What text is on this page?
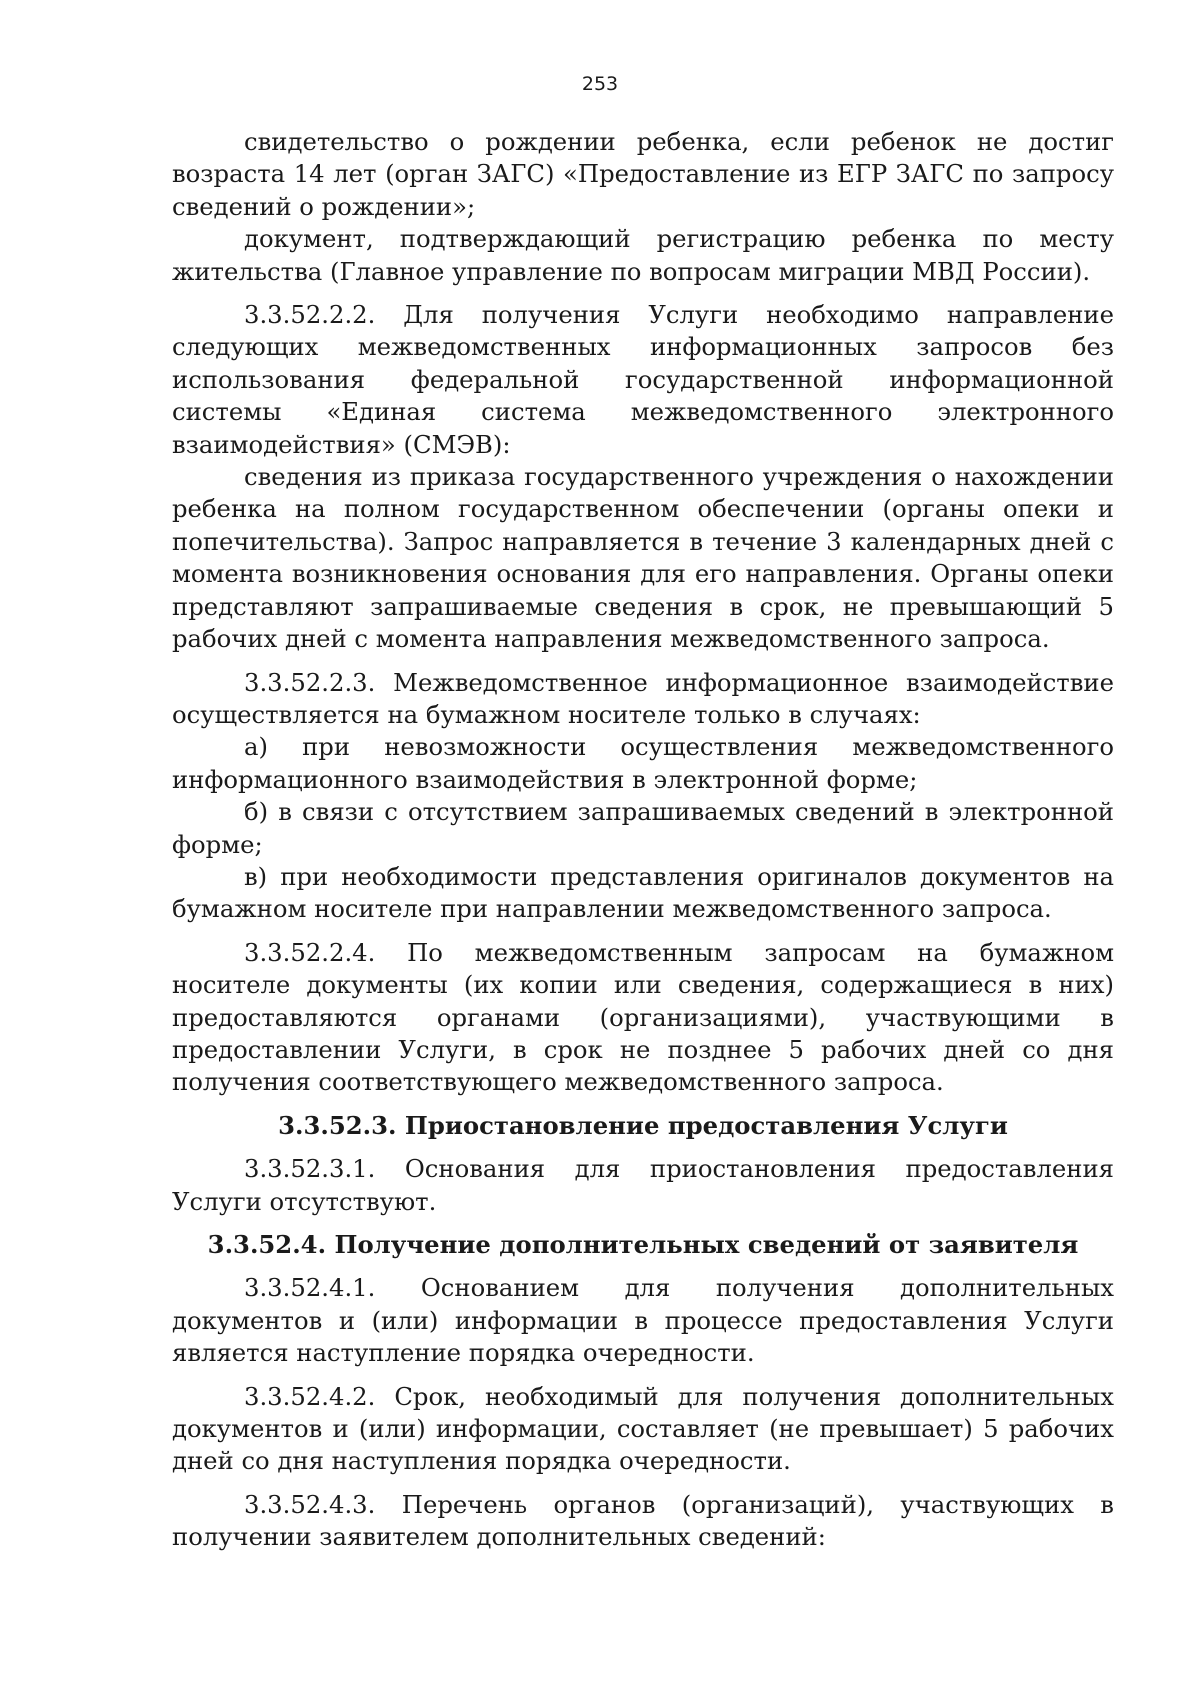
253

свидетельство о рождении ребенка, если ребенок не достиг возраста 14 лет (орган ЗАГС) «Предоставление из ЕГР ЗАГС по запросу сведений о рождении»;

документ, подтверждающий регистрацию ребенка по месту жительства (Главное управление по вопросам миграции МВД России).

3.3.52.2.2. Для получения Услуги необходимо направление следующих межведомственных информационных запросов без использования федеральной государственной информационной системы «Единая система межведомственного электронного взаимодействия» (СМЭВ):

сведения из приказа государственного учреждения о нахождении ребенка на полном государственном обеспечении (органы опеки и попечительства). Запрос направляется в течение 3 календарных дней с момента возникновения основания для его направления. Органы опеки представляют запрашиваемые сведения в срок, не превышающий 5 рабочих дней с момента направления межведомственного запроса.

3.3.52.2.3. Межведомственное информационное взаимодействие осуществляется на бумажном носителе только в случаях:

а) при невозможности осуществления межведомственного информационного взаимодействия в электронной форме;

б) в связи с отсутствием запрашиваемых сведений в электронной форме;

в) при необходимости представления оригиналов документов на бумажном носителе при направлении межведомственного запроса.

3.3.52.2.4. По межведомственным запросам на бумажном носителе документы (их копии или сведения, содержащиеся в них) предоставляются органами (организациями), участвующими в предоставлении Услуги, в срок не позднее 5 рабочих дней со дня получения соответствующего межведомственного запроса.

3.3.52.3. Приостановление предоставления Услуги

3.3.52.3.1. Основания для приостановления предоставления Услуги отсутствуют.

3.3.52.4. Получение дополнительных сведений от заявителя

3.3.52.4.1. Основанием для получения дополнительных документов и (или) информации в процессе предоставления Услуги является наступление порядка очередности.

3.3.52.4.2. Срок, необходимый для получения дополнительных документов и (или) информации, составляет (не превышает) 5 рабочих дней со дня наступления порядка очередности.

3.3.52.4.3. Перечень органов (организаций), участвующих в получении заявителем дополнительных сведений:
